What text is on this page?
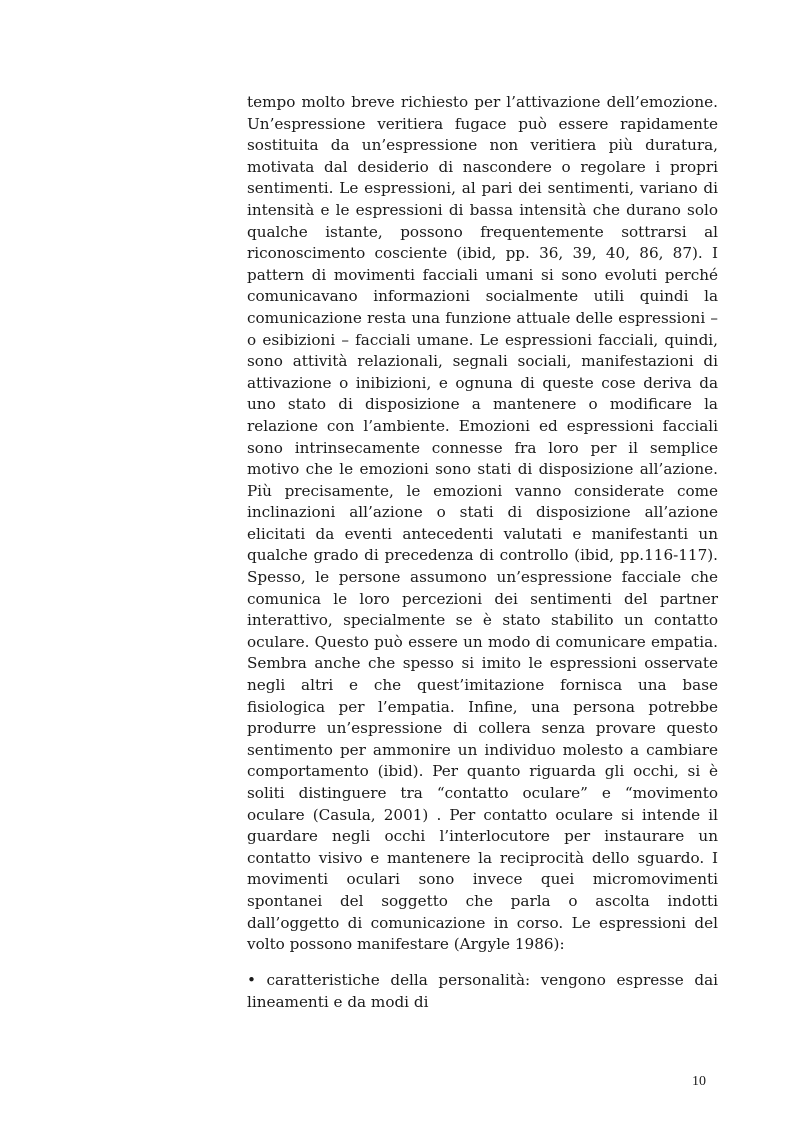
tempo molto breve richiesto per l’attivazione dell’emozione. Un’espressione veritiera fugace può essere rapidamente sostituita da un’espressione non veritiera più duratura, motivata dal desiderio di nascondere o regolare i propri sentimenti. Le espressioni, al pari dei sentimenti, variano di intensità e le espressioni di bassa intensità che durano solo qualche istante, possono frequentemente sottrarsi al riconoscimento cosciente (ibid, pp. 36, 39, 40, 86, 87). I pattern di movimenti facciali umani si sono evoluti perché comunicavano informazioni socialmente utili quindi la comunicazione resta una funzione attuale delle espressioni – o esibizioni – facciali umane. Le espressioni facciali, quindi, sono attività relazionali, segnali sociali, manifestazioni di attivazione o inibizioni, e ognuna di queste cose deriva da uno stato di disposizione a mantenere o modificare la relazione con l’ambiente. Emozioni ed espressioni facciali sono intrinsecamente connesse fra loro per il semplice motivo che le emozioni sono stati di disposizione all’azione. Più precisamente, le emozioni vanno considerate come inclinazioni all’azione o stati di disposizione all’azione elicitati da eventi antecedenti valutati e manifestanti un qualche grado di precedenza di controllo (ibid, pp.116-117). Spesso, le persone assumono un’espressione facciale che comunica le loro percezioni dei sentimenti del partner interattivo, specialmente se è stato stabilito un contatto oculare. Questo può essere un modo di comunicare empatia. Sembra anche che spesso si imito le espressioni osservate negli altri e che quest’imitazione fornisca una base fisiologica per l’empatia. Infine, una persona potrebbe produrre un’espressione di collera senza provare questo sentimento per ammonire un individuo molesto a cambiare comportamento (ibid). Per quanto riguarda gli occhi, si è soliti distinguere tra “contatto oculare” e “movimento oculare (Casula, 2001) . Per contatto oculare si intende il guardare negli occhi l’interlocutore per instaurare un contatto visivo e mantenere la reciprocità dello sguardo. I movimenti oculari sono invece quei micromovimenti spontanei del soggetto che parla o ascolta indotti dall’oggetto di comunicazione in corso. Le espressioni del volto possono manifestare (Argyle 1986):

• caratteristiche della personalità: vengono espresse dai lineamenti e da modi di

10
